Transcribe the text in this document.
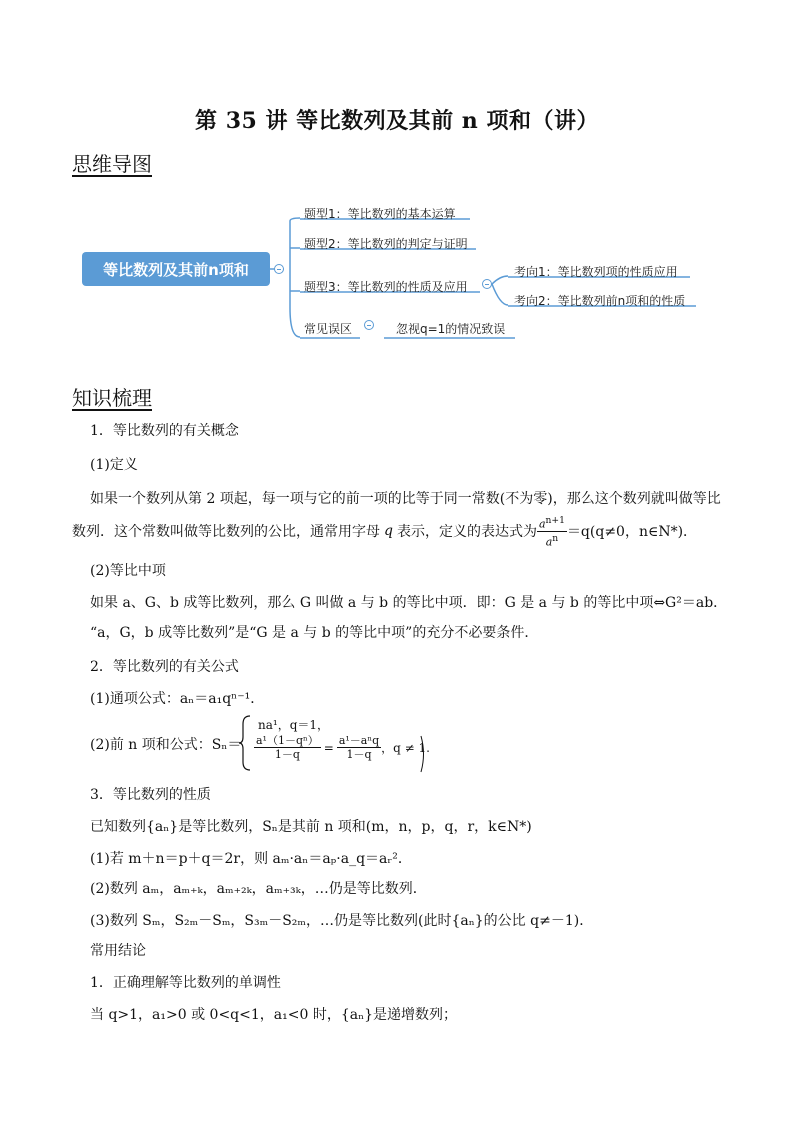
第 35 讲 等比数列及其前 n 项和（讲）
思维导图
等比数列及其前n项和
题型1：等比数列的基本运算
题型2：等比数列的判定与证明
题型3：等比数列的性质及应用
考向1：等比数列项的性质应用
考向2：等比数列前n项和的性质
常见误区	忽视q=1的情况致误
知识梳理
1．等比数列的有关概念
(1)定义
如果一个数列从第 2 项起，每一项与它的前一项的比等于同一常数(不为零)，那么这个数列就叫做等比
数列．这个常数叫做等比数列的公比，通常用字母 q 表示，定义的表达式为 $\frac{a^{n+1}}{a^n} =q(q\ne 0$，n∈N*)．
(2)等比中项
如果 a、G、b 成等比数列，那么 G 叫做 a 与 b 的等比中项．即：G 是 a 与 b 的等比中项⇔G²＝ab．
“a，G，b 成等比数列”是“G 是 a 与 b 的等比中项”的充分不必要条件．
2．等比数列的有关公式
(1)通项公式：aₙ＝a₁qⁿ⁻¹．
(2)前 n 项和公式：Sₙ＝
na¹，q＝1，
$\frac{\text{a¹（1－qⁿ）}}{1-q} = \frac{\text{a¹－aⁿq}}{1-q}$ ，q ≠ 1.
3．等比数列的性质
已知数列{aₙ}是等比数列，Sₙ是其前 n 项和(m，n，p，q，r，k∈N*)
(1)若 m＋n＝p＋q＝2r，则 aₘ·aₙ＝aₚ·a_q＝aᵣ²．
(2)数列 aₘ，aₘ₊ₖ，aₘ₊₂ₖ，aₘ₊₃ₖ，…仍是等比数列．
(3)数列 Sₘ，S₂ₘ－Sₘ，S₃ₘ－S₂ₘ，…仍是等比数列(此时{aₙ}的公比 q≠－1)．
常用结论
1．正确理解等比数列的单调性
当 q>1，a₁>0 或 0<q<1，a₁<0 时，{aₙ}是递增数列；
